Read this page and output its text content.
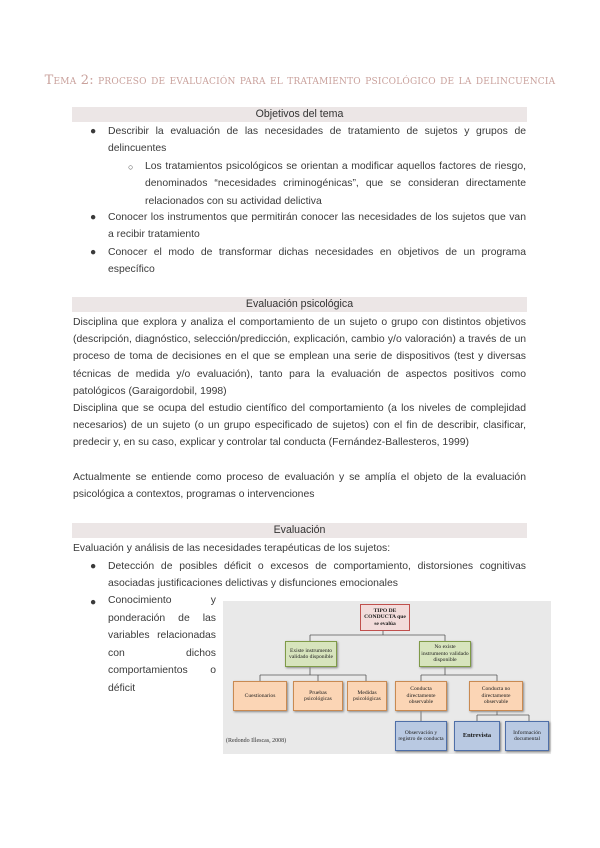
Tema 2: proceso de evaluación para el tratamiento psicológico de la delincuencia
Objetivos del tema
●	Describir la evaluación de las necesidades de tratamiento de sujetos y grupos de delincuentes
○	Los tratamientos psicológicos se orientan a modificar aquellos factores de riesgo, denominados “necesidades criminogénicas”, que se consideran directamente relacionados con su actividad delictiva
●	Conocer los instrumentos que permitirán conocer las necesidades de los sujetos que van a recibir tratamiento
●	Conocer el modo de transformar dichas necesidades en objetivos de un programa específico
Evaluación psicológica
Disciplina que explora y analiza el comportamiento de un sujeto o grupo con distintos objetivos (descripción, diagnóstico, selección/predicción, explicación, cambio y/o valoración) a través de un proceso de toma de decisiones en el que se emplean una serie de dispositivos (test y diversas técnicas de medida y/o evaluación), tanto para la evaluación de aspectos positivos como patológicos (Garaigordobil, 1998)
Disciplina que se ocupa del estudio científico del comportamiento (a los niveles de complejidad necesarios) de un sujeto (o un grupo especificado de sujetos) con el fin de describir, clasificar, predecir y, en su caso, explicar y controlar tal conducta (Fernández-Ballesteros, 1999)
Actualmente se entiende como proceso de evaluación y se amplía el objeto de la evaluación psicológica a contextos, programas o intervenciones
Evaluación
Evaluación y análisis de las necesidades terapéuticas de los sujetos:
●	Detección de posibles déficit o excesos de comportamiento, distorsiones cognitivas asociadas justificaciones delictivas y disfunciones emocionales
●	Conocimiento y ponderación de las variables relacionadas con dichos comportamientos o déficit
TIPO DE CONDUCTA que se evalúa
Existe instrumento validado disponible
No existe instrumento validado disponible
Cuestionarios
Pruebas psicológicas
Medidas psicológicas
Conducta directamente observable
Conducta no directamente observable
Observación y registro de conducta
Entrevista	Información documental
(Redondo Illescas, 2008)
